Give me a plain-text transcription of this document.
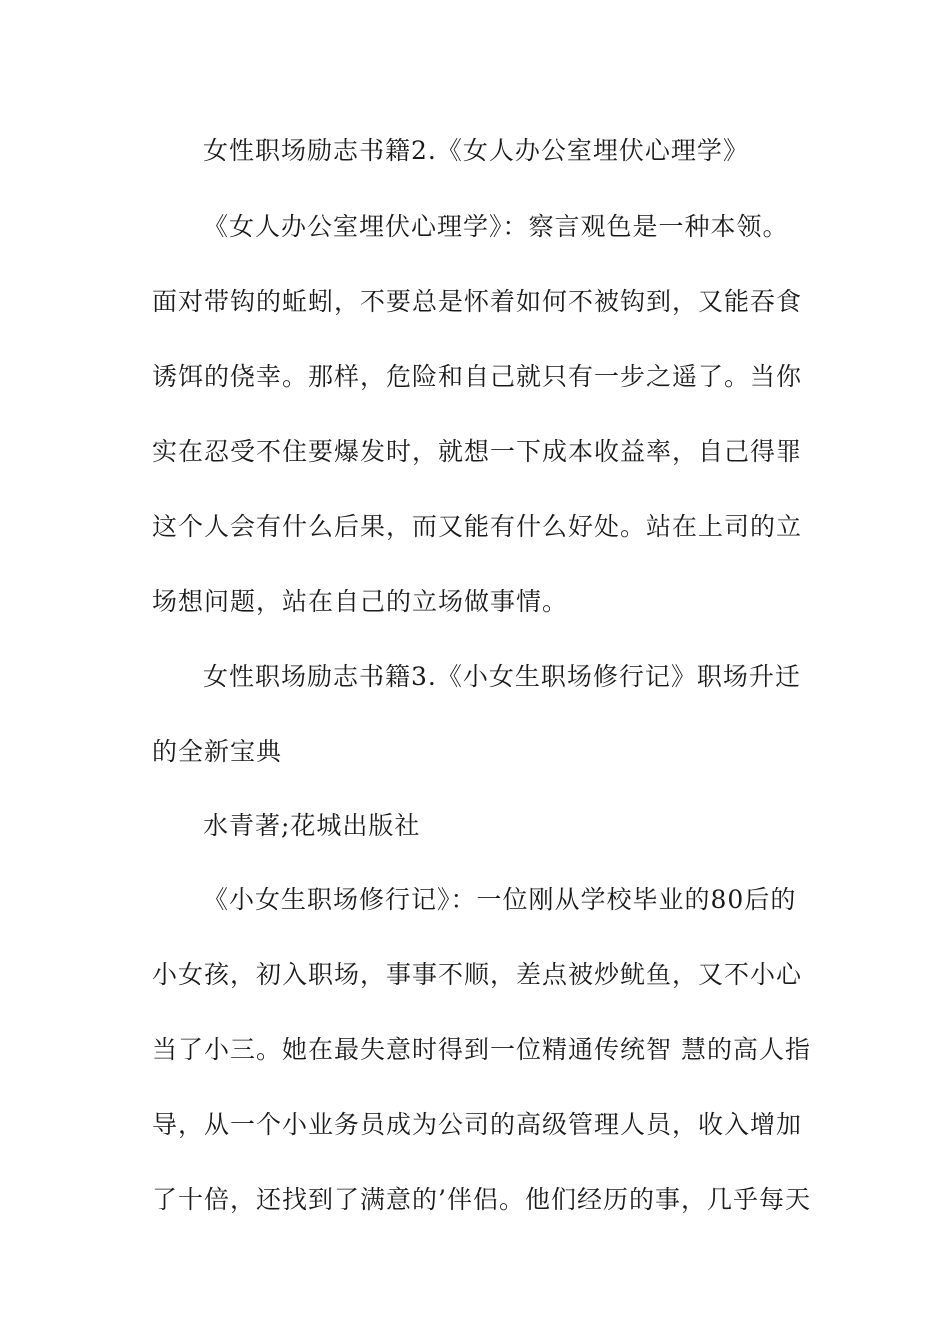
女性职场励志书籍2.《女人办公室埋伏心理学》
《女人办公室埋伏心理学》：察言观色是一种本领。
面对带钩的蚯蚓，不要总是怀着如何不被钩到，又能吞食
诱饵的侥幸。那样，危险和自己就只有一步之遥了。当你
实在忍受不住要爆发时，就想一下成本收益率，自己得罪
这个人会有什么后果，而又能有什么好处。站在上司的立
场想问题，站在自己的立场做事情。
女性职场励志书籍3.《小女生职场修行记》职场升迁
的全新宝典
水青著;花城出版社
《小女生职场修行记》：一位刚从学校毕业的80后的
小女孩，初入职场，事事不顺，差点被炒鱿鱼，又不小心
当了小三。她在最失意时得到一位精通传统智 慧的高人指
导，从一个小业务员成为公司的高级管理人员，收入增加
了十倍，还找到了满意的’伴侣。他们经历的事，几乎每天
